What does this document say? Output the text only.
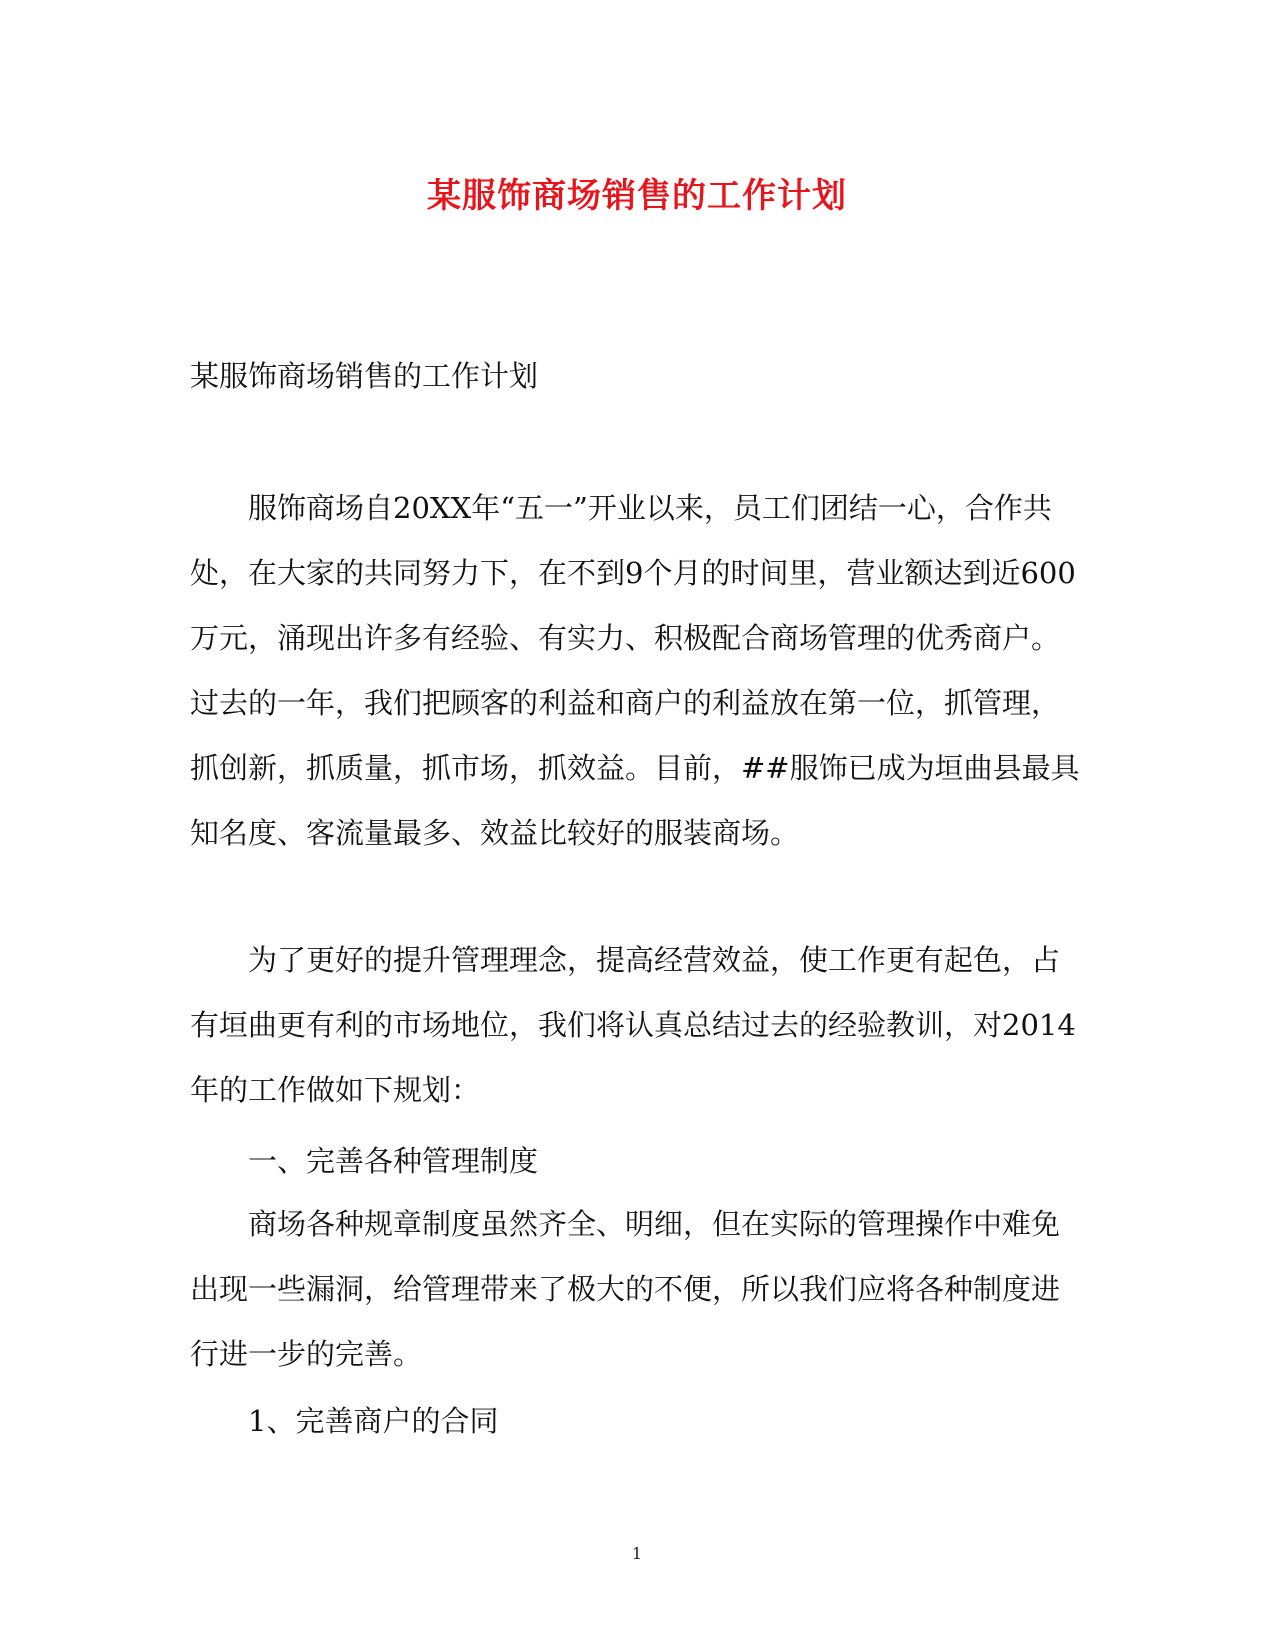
某服饰商场销售的工作计划
某服饰商场销售的工作计划
服饰商场自20XX年“五一”开业以来，员工们团结一心，合作共
处，在大家的共同努力下，在不到9个月的时间里，营业额达到近600
万元，涌现出许多有经验、有实力、积极配合商场管理的优秀商户。
过去的一年，我们把顾客的利益和商户的利益放在第一位，抓管理，
抓创新，抓质量，抓市场，抓效益。目前，##服饰已成为垣曲县最具
知名度、客流量最多、效益比较好的服装商场。
为了更好的提升管理理念，提高经营效益，使工作更有起色，占
有垣曲更有利的市场地位，我们将认真总结过去的经验教训，对2014
年的工作做如下规划：
一、完善各种管理制度
商场各种规章制度虽然齐全、明细，但在实际的管理操作中难免
出现一些漏洞，给管理带来了极大的不便，所以我们应将各种制度进
行进一步的完善。
1、完善商户的合同
1
